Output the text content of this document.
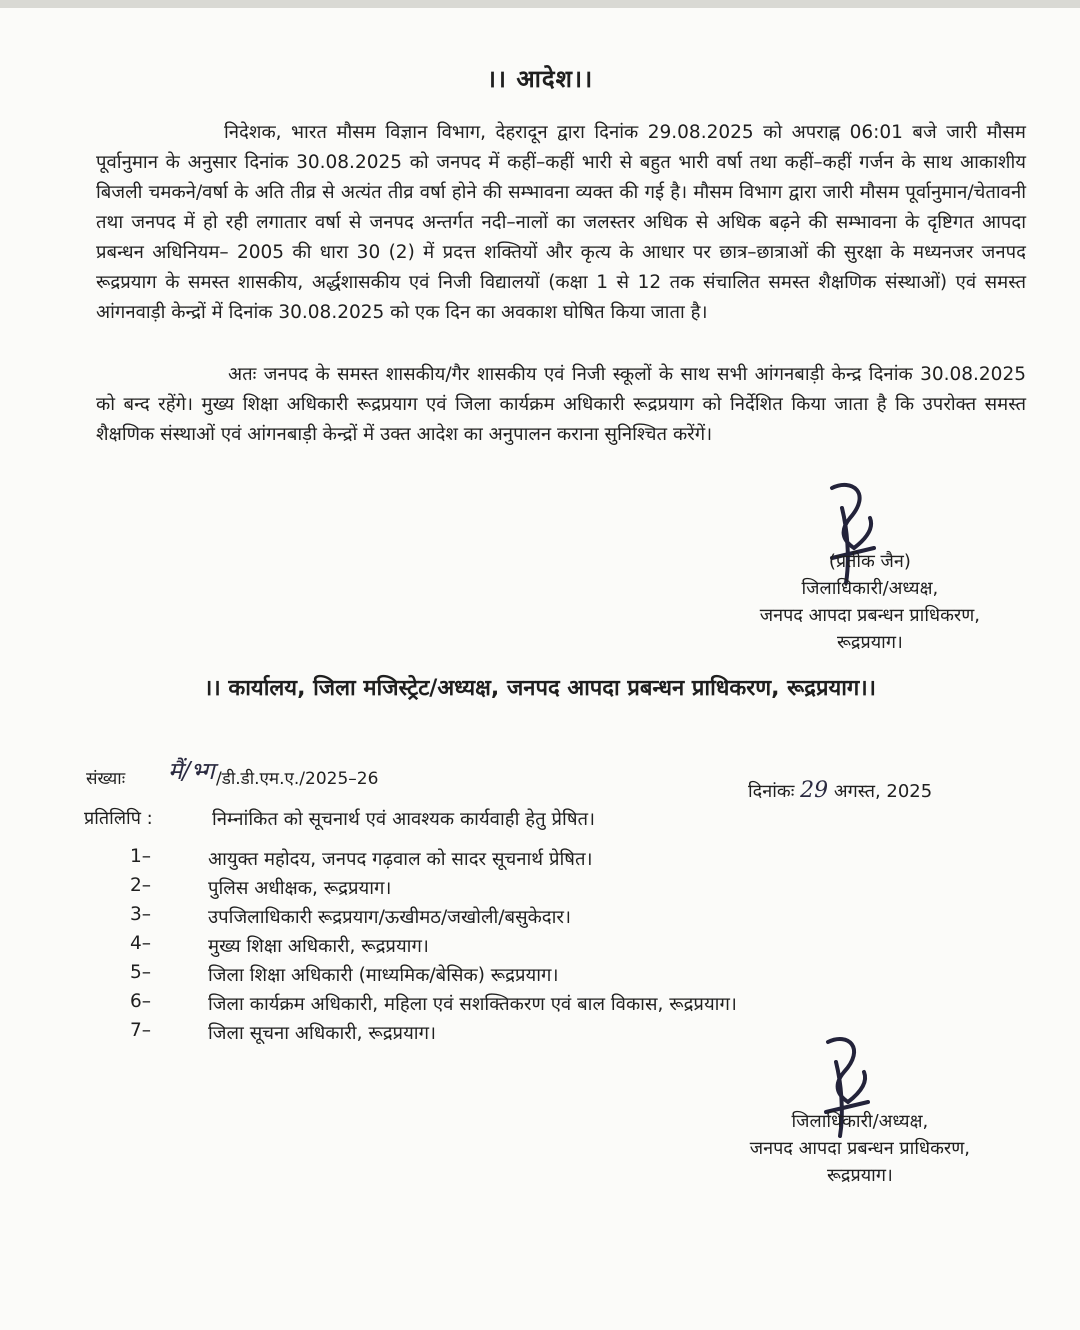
।। आदेश।।

निदेशक, भारत मौसम विज्ञान विभाग, देहरादून द्वारा दिनांक 29.08.2025 को अपराह्न 06:01 बजे जारी मौसम पूर्वानुमान के अनुसार दिनांक 30.08.2025 को जनपद में कहीं–कहीं भारी से बहुत भारी वर्षा तथा कहीं–कहीं गर्जन के साथ आकाशीय बिजली चमकने/वर्षा के अति तीव्र से अत्यंत तीव्र वर्षा होने की सम्भावना व्यक्त की गई है। मौसम विभाग द्वारा जारी मौसम पूर्वानुमान/चेतावनी तथा जनपद में हो रही लगातार वर्षा से जनपद अन्तर्गत नदी–नालों का जलस्तर अधिक से अधिक बढ़ने की सम्भावना के दृष्टिगत आपदा प्रबन्धन अधिनियम– 2005 की धारा 30 (2) में प्रदत्त शक्तियों और कृत्य के आधार पर छात्र–छात्राओं की सुरक्षा के मध्यनजर जनपद रूद्रप्रयाग के समस्त शासकीय, अर्द्धशासकीय एवं निजी विद्यालयों (कक्षा 1 से 12 तक संचालित समस्त शैक्षणिक संस्थाओं) एवं समस्त आंगनवाड़ी केन्द्रों में दिनांक 30.08.2025 को एक दिन का अवकाश घोषित किया जाता है।

अतः जनपद के समस्त शासकीय/गैर शासकीय एवं निजी स्कूलों के साथ सभी आंगनबाड़ी केन्द्र दिनांक 30.08.2025 को बन्द रहेंगे। मुख्य शिक्षा अधिकारी रूद्रप्रयाग एवं जिला कार्यक्रम अधिकारी रूद्रप्रयाग को निर्देशित किया जाता है कि उपरोक्त समस्त शैक्षणिक संस्थाओं एवं आंगनबाड़ी केन्द्रों में उक्त आदेश का अनुपालन कराना सुनिश्चित करेंगें।

(प्रतीक जैन)
जिलाधिकारी/अध्यक्ष,
जनपद आपदा प्रबन्धन प्राधिकरण,
रूद्रप्रयाग।
।। कार्यालय, जिला मजिस्ट्रेट/अध्यक्ष, जनपद आपदा प्रबन्धन प्राधिकरण, रूद्रप्रयाग।।
संख्याः मैं/भ्ग /डी.डी.एम.ए./2025–26
दिनांकः 29 अगस्त, 2025
प्रतिलिपि :	निम्नांकित को सूचनार्थ एवं आवश्यक कार्यवाही हेतु प्रेषित।
1–	आयुक्त महोदय, जनपद गढ़वाल को सादर सूचनार्थ प्रेषित।
2–	पुलिस अधीक्षक, रूद्रप्रयाग।
3–	उपजिलाधिकारी रूद्रप्रयाग/ऊखीमठ/जखोली/बसुकेदार।
4–	मुख्य शिक्षा अधिकारी, रूद्रप्रयाग।
5–	जिला शिक्षा अधिकारी (माध्यमिक/बेसिक) रूद्रप्रयाग।
6–	जिला कार्यक्रम अधिकारी, महिला एवं सशक्तिकरण एवं बाल विकास, रूद्रप्रयाग।
7–	जिला सूचना अधिकारी, रूद्रप्रयाग।
जिलाधिकारी/अध्यक्ष,
जनपद आपदा प्रबन्धन प्राधिकरण,
रूद्रप्रयाग।
